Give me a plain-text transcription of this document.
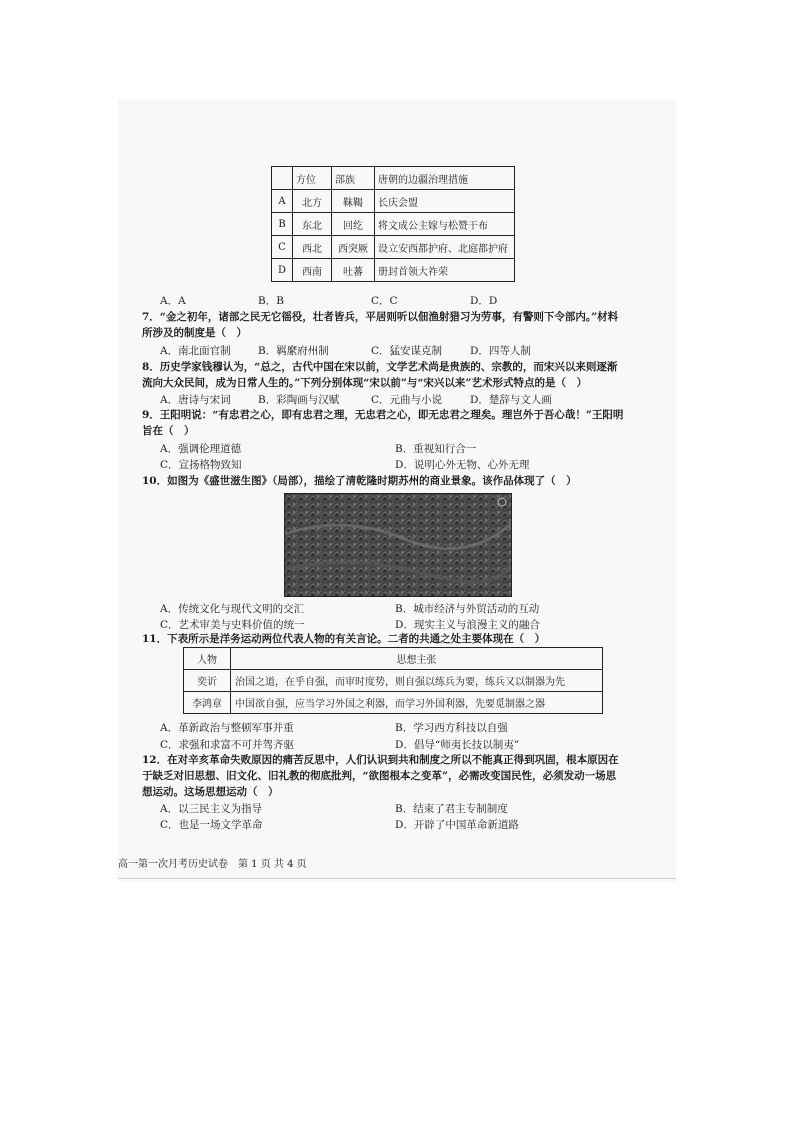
	方位	部族	唐朝的边疆治理措施
A	北方	靺鞨	长庆会盟
B	东北	回纥	将文成公主嫁与松赞干布
C	西北	西突厥	设立安西都护府、北庭都护府
D	西南	吐蕃	册封首领大祚荣
A．A	B．B	C．C	D．D
7．“金之初年，诸部之民无它徭役，壮者皆兵，平居则听以佃渔射猎习为劳事，有警则下令部内。”材料
所涉及的制度是（　）
A．南北面官制	B．羁縻府州制	C．猛安谋克制	D．四等人制
8．历史学家钱穆认为，“总之，古代中国在宋以前，文学艺术尚是贵族的、宗教的，而宋兴以来则逐渐
流向大众民间，成为日常人生的。”下列分别体现“宋以前”与“宋兴以来”艺术形式特点的是（　）
A．唐诗与宋词	B．彩陶画与汉赋	C．元曲与小说	D．楚辞与文人画
9．王阳明说：“有忠君之心，即有忠君之理，无忠君之心，即无忠君之理矣。理岂外于吾心哉！”王阳明
旨在（　）
A．强调伦理道德	B．重视知行合一
C．宣扬格物致知	D．说明心外无物、心外无理
10．如图为《盛世滋生图》（局部），描绘了清乾隆时期苏州的商业景象。该作品体现了（　）
A．传统文化与现代文明的交汇	B．城市经济与外贸活动的互动
C．艺术审美与史料价值的统一	D．现实主义与浪漫主义的融合
11．下表所示是洋务运动两位代表人物的有关言论。二者的共通之处主要体现在（　）
人物	思想主张
奕䜣	治国之道，在乎自强，而审时度势，则自强以练兵为要，练兵又以制器为先
李鸿章	中国欲自强，应当学习外国之利器，而学习外国利器，先要觅制器之器
A．革新政治与整顿军事并重	B．学习西方科技以自强
C．求强和求富不可并驾齐驱	D．倡导“师夷长技以制夷”
12．在对辛亥革命失败原因的痛苦反思中，人们认识到共和制度之所以不能真正得到巩固，根本原因在
于缺乏对旧思想、旧文化、旧礼教的彻底批判，“欲图根本之变革”，必需改变国民性，必须发动一场思
想运动。这场思想运动（　）
A．以三民主义为指导	B．结束了君主专制制度
C．也是一场文学革命	D．开辟了中国革命新道路
高一第一次月考历史试卷　第 1 页 共 4 页
